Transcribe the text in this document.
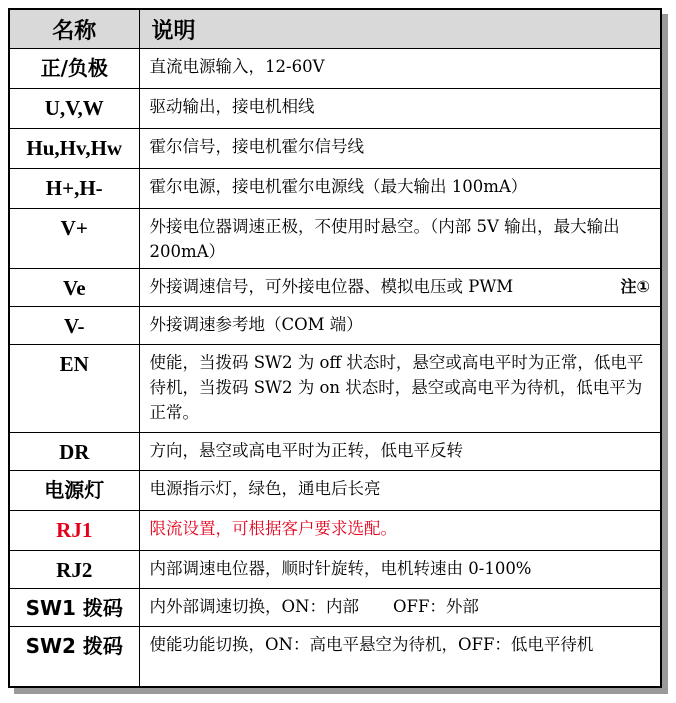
名称	说明
正/负极	直流电源输入，12-60V
U,V,W	驱动输出，接电机相线
Hu,Hv,Hw	霍尔信号，接电机霍尔信号线
H+,H-	霍尔电源，接电机霍尔电源线（最大输出 100mA）
V+	外接电位器调速正极，不使用时悬空。（内部 5V 输出，最大输出 200mA）
Ve	外接调速信号，可外接电位器、模拟电压或 PWM 注①

V-	外接调速参考地（COM 端）
EN	使能，当拨码 SW2 为 off 状态时，悬空或高电平时为正常，低电平待机，当拨码 SW2 为 on 状态时，悬空或高电平为待机，低电平为正常。
DR	方向，悬空或高电平时为正转，低电平反转
电源灯	电源指示灯，绿色，通电后长亮
RJ1	限流设置，可根据客户要求选配。
RJ2	内部调速电位器，顺时针旋转，电机转速由 0-100%
SW1 拨码	内外部调速切换，ON：内部 OFF：外部
SW2 拨码	使能功能切换，ON：高电平悬空为待机，OFF：低电平待机
